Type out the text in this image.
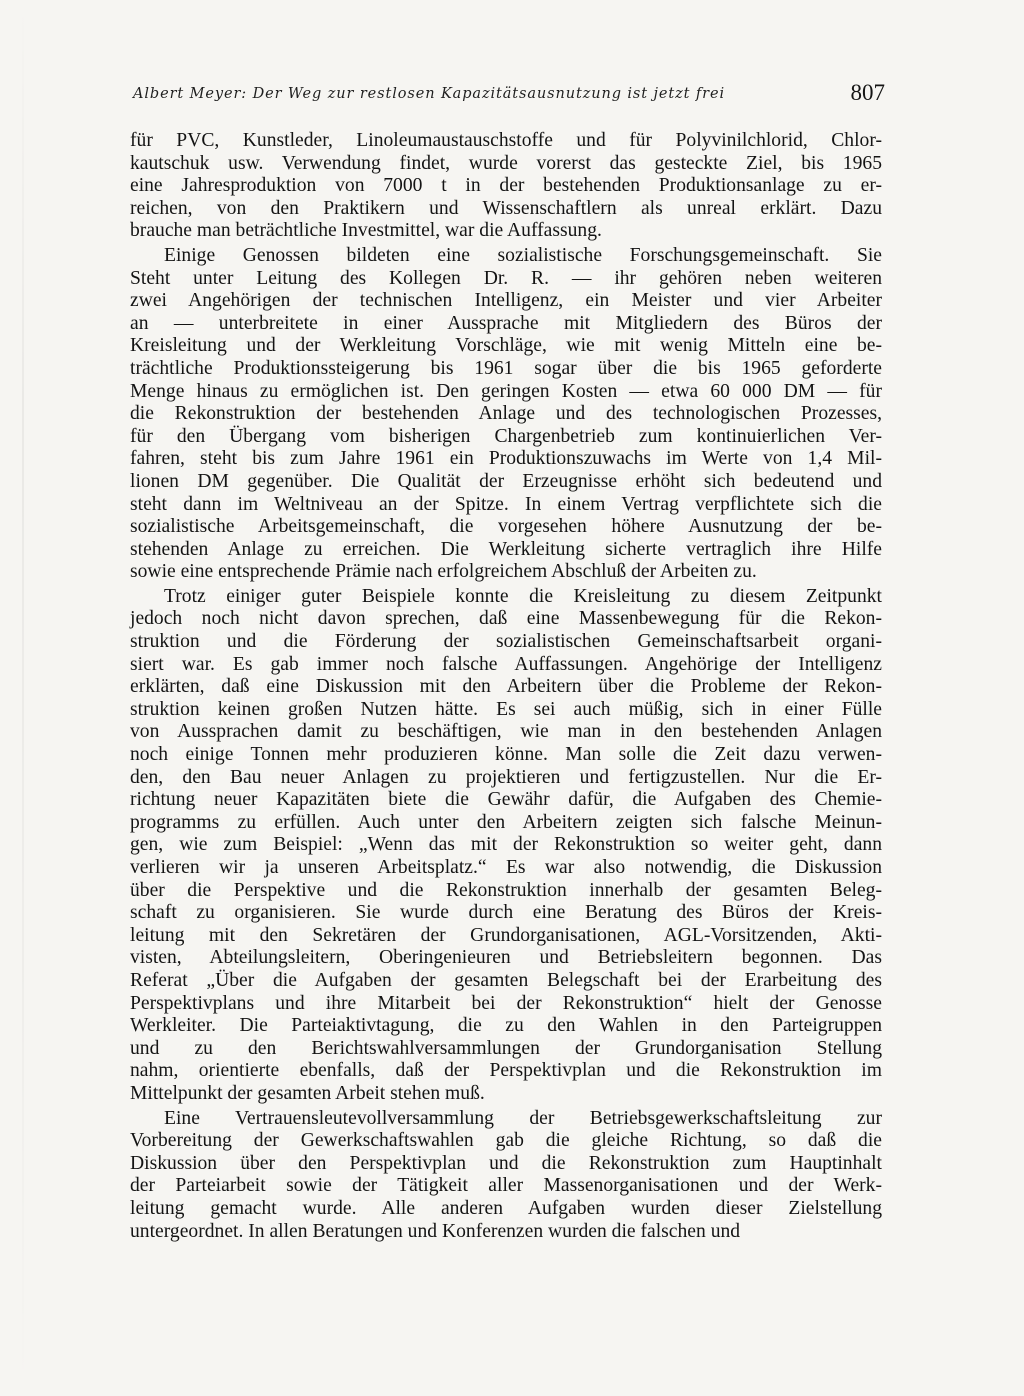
Albert Meyer: Der Weg zur restlosen Kapazitätsausnutzung ist jetzt frei	807
für PVC, Kunstleder, Linoleumaustauschstoffe und für Polyvinilchlorid, Chlor-
kautschuk usw. Verwendung findet, wurde vorerst das gesteckte Ziel, bis 1965
eine Jahresproduktion von 7000 t in der bestehenden Produktionsanlage zu er-
reichen, von den Praktikern und Wissenschaftlern als unreal erklärt. Dazu
brauche man beträchtliche Investmittel, war die Auffassung.
Einige Genossen bildeten eine sozialistische Forschungsgemeinschaft. Sie
Steht unter Leitung des Kollegen Dr. R. — ihr gehören neben weiteren
zwei Angehörigen der technischen Intelligenz, ein Meister und vier Arbeiter
an — unterbreitete in einer Aussprache mit Mitgliedern des Büros der
Kreisleitung und der Werkleitung Vorschläge, wie mit wenig Mitteln eine be-
trächtliche Produktionssteigerung bis 1961 sogar über die bis 1965 geforderte
Menge hinaus zu ermöglichen ist. Den geringen Kosten — etwa 60 000 DM — für
die Rekonstruktion der bestehenden Anlage und des technologischen Prozesses,
für den Übergang vom bisherigen Chargenbetrieb zum kontinuierlichen Ver-
fahren, steht bis zum Jahre 1961 ein Produktionszuwachs im Werte von 1,4 Mil-
lionen DM gegenüber. Die Qualität der Erzeugnisse erhöht sich bedeutend und
steht dann im Weltniveau an der Spitze. In einem Vertrag verpflichtete sich die
sozialistische Arbeitsgemeinschaft, die vorgesehen höhere Ausnutzung der be-
stehenden Anlage zu erreichen. Die Werkleitung sicherte vertraglich ihre Hilfe
sowie eine entsprechende Prämie nach erfolgreichem Abschluß der Arbeiten zu.
Trotz einiger guter Beispiele konnte die Kreisleitung zu diesem Zeitpunkt
jedoch noch nicht davon sprechen, daß eine Massenbewegung für die Rekon-
struktion und die Förderung der sozialistischen Gemeinschaftsarbeit organi-
siert war. Es gab immer noch falsche Auffassungen. Angehörige der Intelligenz
erklärten, daß eine Diskussion mit den Arbeitern über die Probleme der Rekon-
struktion keinen großen Nutzen hätte. Es sei auch müßig, sich in einer Fülle
von Aussprachen damit zu beschäftigen, wie man in den bestehenden Anlagen
noch einige Tonnen mehr produzieren könne. Man solle die Zeit dazu verwen-
den, den Bau neuer Anlagen zu projektieren und fertigzustellen. Nur die Er-
richtung neuer Kapazitäten biete die Gewähr dafür, die Aufgaben des Chemie-
programms zu erfüllen. Auch unter den Arbeitern zeigten sich falsche Meinun-
gen, wie zum Beispiel: „Wenn das mit der Rekonstruktion so weiter geht, dann
verlieren wir ja unseren Arbeitsplatz.“ Es war also notwendig, die Diskussion
über die Perspektive und die Rekonstruktion innerhalb der gesamten Beleg-
schaft zu organisieren. Sie wurde durch eine Beratung des Büros der Kreis-
leitung mit den Sekretären der Grundorganisationen, AGL-Vorsitzenden, Akti-
visten, Abteilungsleitern, Oberingenieuren und Betriebsleitern begonnen. Das
Referat „Über die Aufgaben der gesamten Belegschaft bei der Erarbeitung des
Perspektivplans und ihre Mitarbeit bei der Rekonstruktion“ hielt der Genosse
Werkleiter. Die Parteiaktivtagung, die zu den Wahlen in den Parteigruppen
und zu den Berichtswahlversammlungen der Grundorganisation Stellung
nahm, orientierte ebenfalls, daß der Perspektivplan und die Rekonstruktion im
Mittelpunkt der gesamten Arbeit stehen muß.
Eine Vertrauensleutevollversammlung der Betriebsgewerkschaftsleitung zur
Vorbereitung der Gewerkschaftswahlen gab die gleiche Richtung, so daß die
Diskussion über den Perspektivplan und die Rekonstruktion zum Hauptinhalt
der Parteiarbeit sowie der Tätigkeit aller Massenorganisationen und der Werk-
leitung gemacht wurde. Alle anderen Aufgaben wurden dieser Zielstellung
untergeordnet. In allen Beratungen und Konferenzen wurden die falschen und
